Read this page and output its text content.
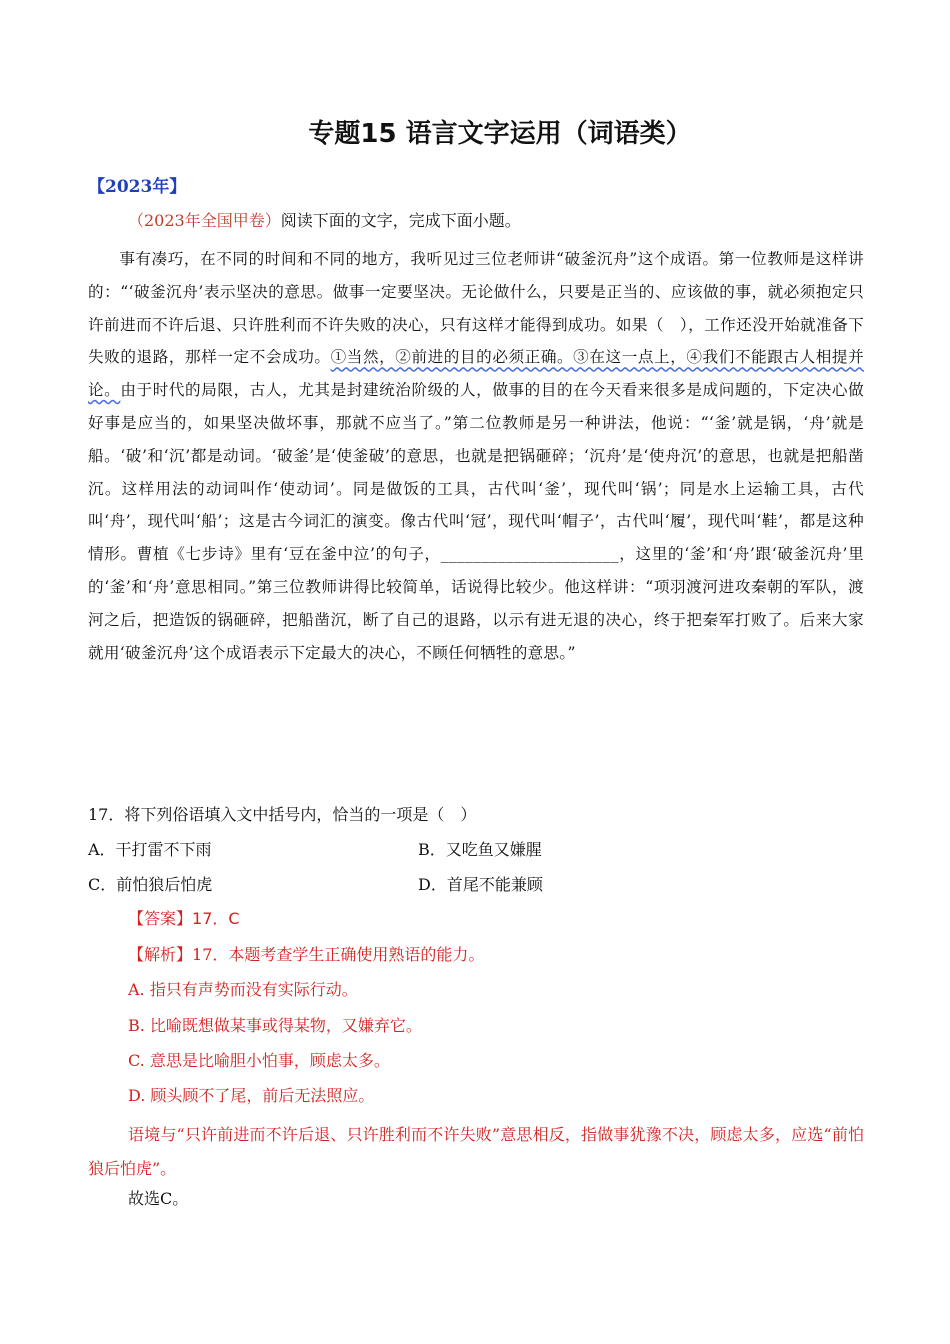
专题15 语言文字运用（词语类）
【2023年】
（2023年全国甲卷）阅读下面的文字，完成下面小题。

事有凑巧，在不同的时间和不同的地方，我听见过三位老师讲“破釜沉舟”这个成语。第一位教师是这样讲的：“‘破釜沉舟’表示坚决的意思。做事一定要坚决。无论做什么，只要是正当的、应该做的事，就必须抱定只许前进而不许后退、只许胜利而不许失败的决心，只有这样才能得到成功。如果（　），工作还没开始就准备下失败的退路，那样一定不会成功。①当然，②前进的目的必须正确。③在这一点上，④我们不能跟古人相提并论。由于时代的局限，古人，尤其是封建统治阶级的人，做事的目的在今天看来很多是成问题的，下定决心做好事是应当的，如果坚决做坏事，那就不应当了。”第二位教师是另一种讲法，他说：“‘釜’就是锅，‘舟’就是船。‘破’和‘沉’都是动词。‘破釜’是‘使釜破’的意思，也就是把锅砸碎；‘沉舟’是‘使舟沉’的意思，也就是把船凿沉。这样用法的动词叫作‘使动词’。同是做饭的工具，古代叫‘釜’，现代叫‘锅’；同是水上运输工具，古代叫‘舟’，现代叫‘船’；这是古今词汇的演变。像古代叫‘冠’，现代叫‘帽子’，古代叫‘履’，现代叫‘鞋’，都是这种情形。曹植《七步诗》里有‘豆在釜中泣’的句子，______________________，这里的‘釜’和‘舟’跟‘破釜沉舟’里的‘釜’和‘舟’意思相同。”第三位教师讲得比较简单，话说得比较少。他这样讲：“项羽渡河进攻秦朝的军队，渡河之后，把造饭的锅砸碎，把船凿沉，断了自己的退路，以示有进无退的决心，终于把秦军打败了。后来大家就用‘破釜沉舟’这个成语表示下定最大的决心，不顾任何牺牲的意思。”

17．将下列俗语填入文中括号内，恰当的一项是（　）
A．干打雷不下雨	B．又吃鱼又嫌腥
C．前怕狼后怕虎	D．首尾不能兼顾
【答案】17．C
【解析】17．本题考查学生正确使用熟语的能力。
A. 指只有声势而没有实际行动。
B. 比喻既想做某事或得某物，又嫌弃它。
C. 意思是比喻胆小怕事，顾虑太多。
D. 顾头顾不了尾，前后无法照应。
语境与“只许前进而不许后退、只许胜利而不许失败”意思相反，指做事犹豫不决，顾虑太多，应选“前怕狼后怕虎”。
故选C。
